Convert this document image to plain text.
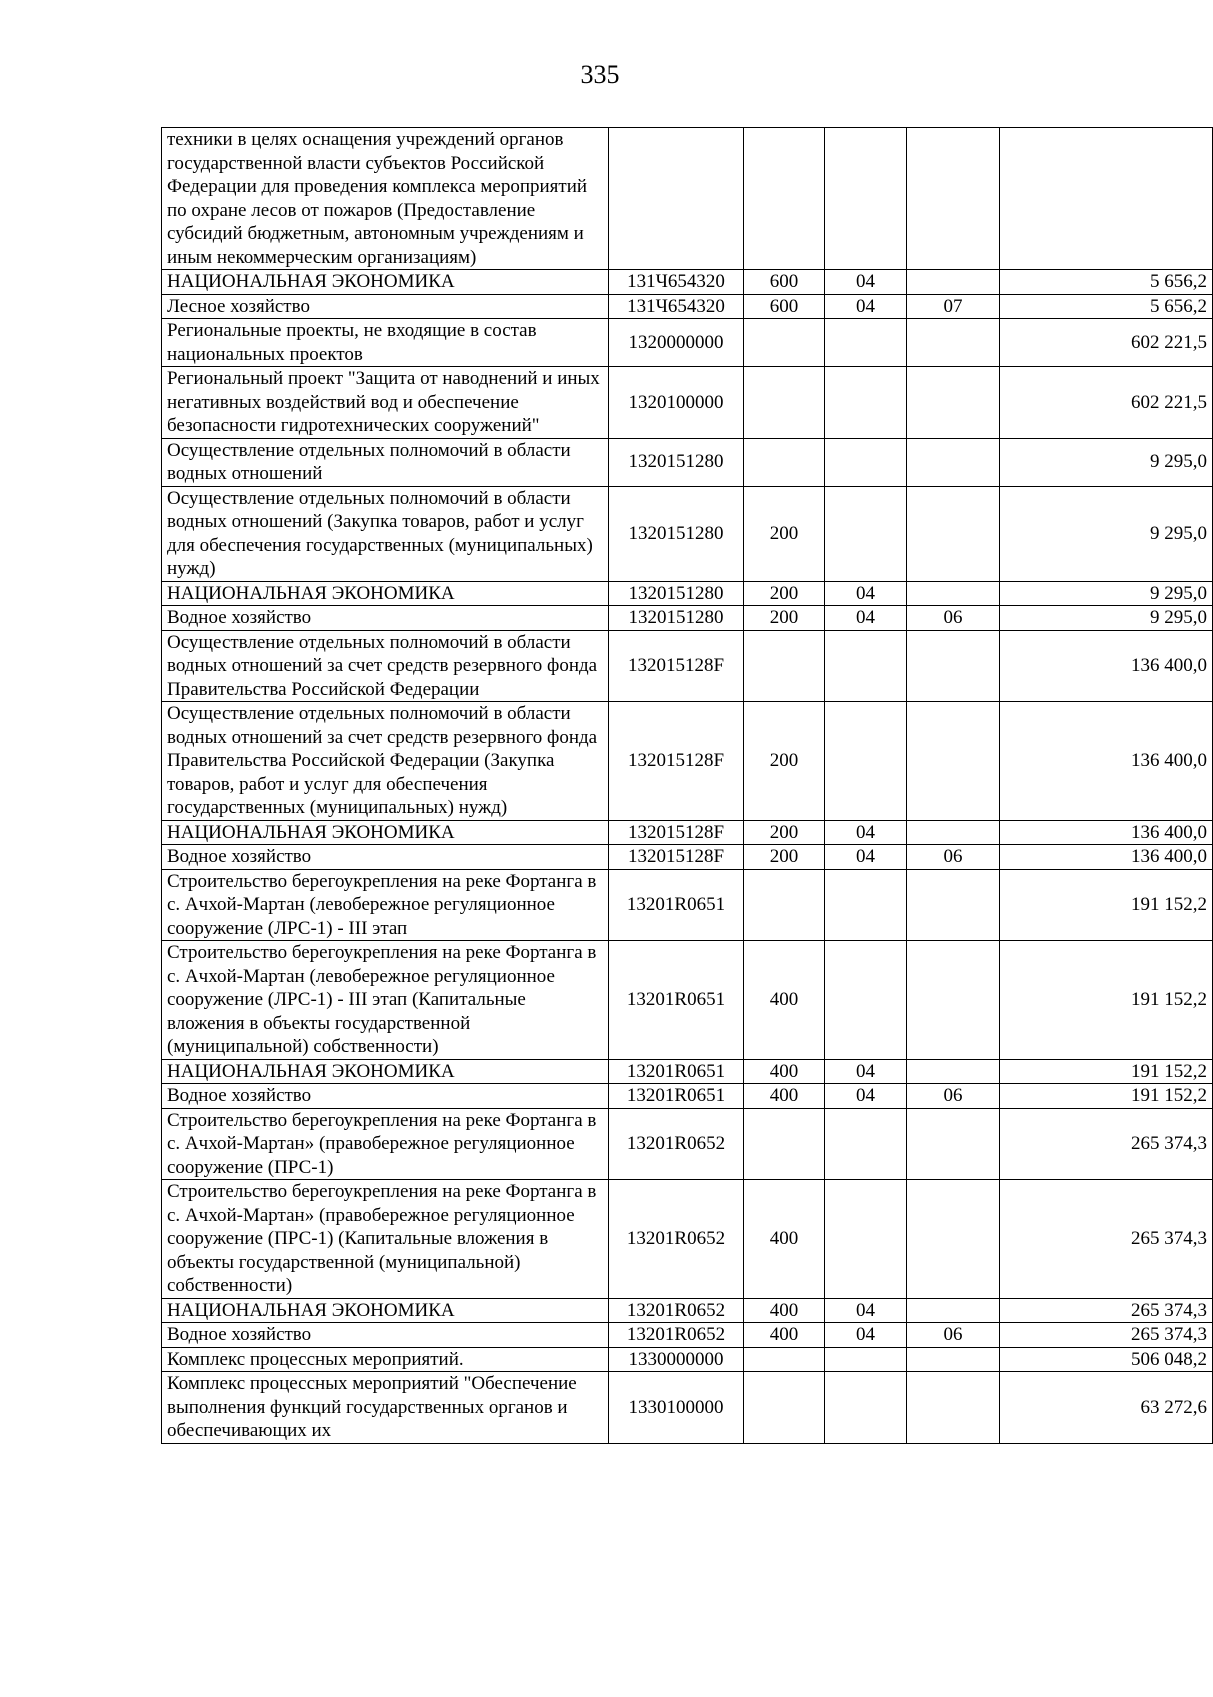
335
техники в целях оснащения учреждений органов государственной власти субъектов Российской Федерации для проведения комплекса мероприятий по охране лесов от пожаров (Предоставление субсидий бюджетным, автономным учреждениям и иным некоммерческим организациям)					
НАЦИОНАЛЬНАЯ ЭКОНОМИКА	131Ч654320	600	04		5 656,2
Лесное хозяйство	131Ч654320	600	04	07	5 656,2
Региональные проекты, не входящие в состав национальных проектов	1320000000				602 221,5
Региональный проект "Защита от наводнений и иных негативных воздействий вод и обеспечение безопасности гидротехнических сооружений"	1320100000				602 221,5
Осуществление отдельных полномочий в области водных отношений	1320151280				9 295,0
Осуществление отдельных полномочий в области водных отношений (Закупка товаров, работ и услуг для обеспечения государственных (муниципальных) нужд)	1320151280	200			9 295,0
НАЦИОНАЛЬНАЯ ЭКОНОМИКА	1320151280	200	04		9 295,0
Водное хозяйство	1320151280	200	04	06	9 295,0
Осуществление отдельных полномочий в области водных отношений за счет средств резервного фонда Правительства Российской Федерации	132015128F				136 400,0
Осуществление отдельных полномочий в области водных отношений за счет средств резервного фонда Правительства Российской Федерации (Закупка товаров, работ и услуг для обеспечения государственных (муниципальных) нужд)	132015128F	200			136 400,0
НАЦИОНАЛЬНАЯ ЭКОНОМИКА	132015128F	200	04		136 400,0
Водное хозяйство	132015128F	200	04	06	136 400,0
Строительство берегоукрепления на реке Фортанга в с. Ачхой-Мартан (левобережное регуляционное сооружение (ЛРС-1) - III этап	13201R0651				191 152,2
Строительство берегоукрепления на реке Фортанга в с. Ачхой-Мартан (левобережное регуляционное сооружение (ЛРС-1) - III этап (Капитальные вложения в объекты государственной (муниципальной) собственности)	13201R0651	400			191 152,2
НАЦИОНАЛЬНАЯ ЭКОНОМИКА	13201R0651	400	04		191 152,2
Водное хозяйство	13201R0651	400	04	06	191 152,2
Строительство берегоукрепления на реке Фортанга в с. Ачхой-Мартан» (правобережное регуляционное сооружение (ПРС-1)	13201R0652				265 374,3
Строительство берегоукрепления на реке Фортанга в с. Ачхой-Мартан» (правобережное регуляционное сооружение (ПРС-1) (Капитальные вложения в объекты государственной (муниципальной) собственности)	13201R0652	400			265 374,3
НАЦИОНАЛЬНАЯ ЭКОНОМИКА	13201R0652	400	04		265 374,3
Водное хозяйство	13201R0652	400	04	06	265 374,3
Комплекс процессных мероприятий.	1330000000				506 048,2
Комплекс процессных мероприятий "Обеспечение выполнения функций государственных органов и обеспечивающих их	1330100000				63 272,6
